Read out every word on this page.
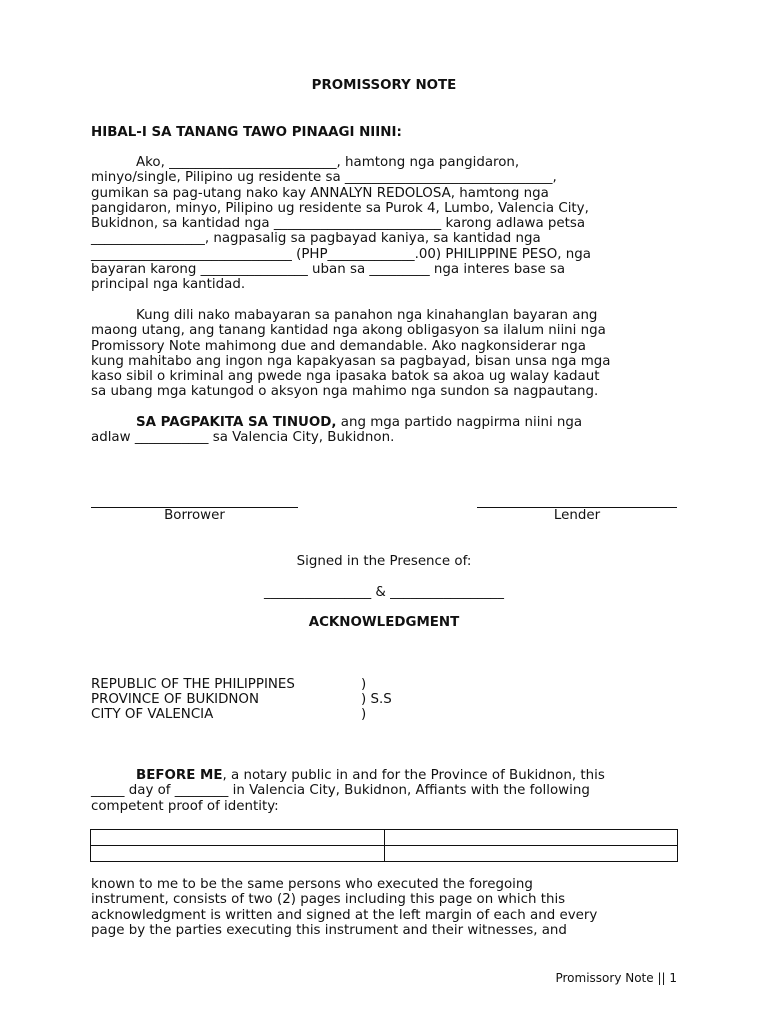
PROMISSORY NOTE
HIBAL-I SA TANANG TAWO PINAAGI NIINI:

Ako, _________________________, hamtong nga pangidaron,

minyo/single, Pilipino ug residente sa _______________________________,

gumikan sa pag-utang nako kay ANNALYN REDOLOSA, hamtong nga

pangidaron, minyo, Pilipino ug residente sa Purok 4, Lumbo, Valencia City,

Bukidnon, sa kantidad nga _________________________ karong adlawa petsa

_________________, nagpasalig sa pagbayad kaniya, sa kantidad nga

______________________________ (PHP_____________.00) PHILIPPINE PESO, nga

bayaran karong ________________ uban sa _________ nga interes base sa

principal nga kantidad.

Kung dili nako mabayaran sa panahon nga kinahanglan bayaran ang

maong utang, ang tanang kantidad nga akong obligasyon sa ilalum niini nga

Promissory Note mahimong due and demandable. Ako nagkonsiderar nga

kung mahitabo ang ingon nga kapakyasan sa pagbayad, bisan unsa nga mga

kaso sibil o kriminal ang pwede nga ipasaka batok sa akoa ug walay kadaut

sa ubang mga katungod o aksyon nga mahimo nga sundon sa nagpautang.

SA PAGPAKITA SA TINUOD, ang mga partido nagpirma niini nga

adlaw ___________ sa Valencia City, Bukidnon.

Borrower	Lender
Signed in the Presence of:
________________ & _________________
ACKNOWLEDGMENT
REPUBLIC OF THE PHILIPPINES	)
PROVINCE OF BUKIDNON	) S.S
CITY OF VALENCIA	)

BEFORE ME, a notary public in and for the Province of Bukidnon, this

_____ day of ________ in Valencia City, Bukidnon, Affiants with the following

competent proof of identity:

known to me to be the same persons who executed the foregoing

instrument, consists of two (2) pages including this page on which this

acknowledgment is written and signed at the left margin of each and every

page by the parties executing this instrument and their witnesses, and

Promissory Note || 1
